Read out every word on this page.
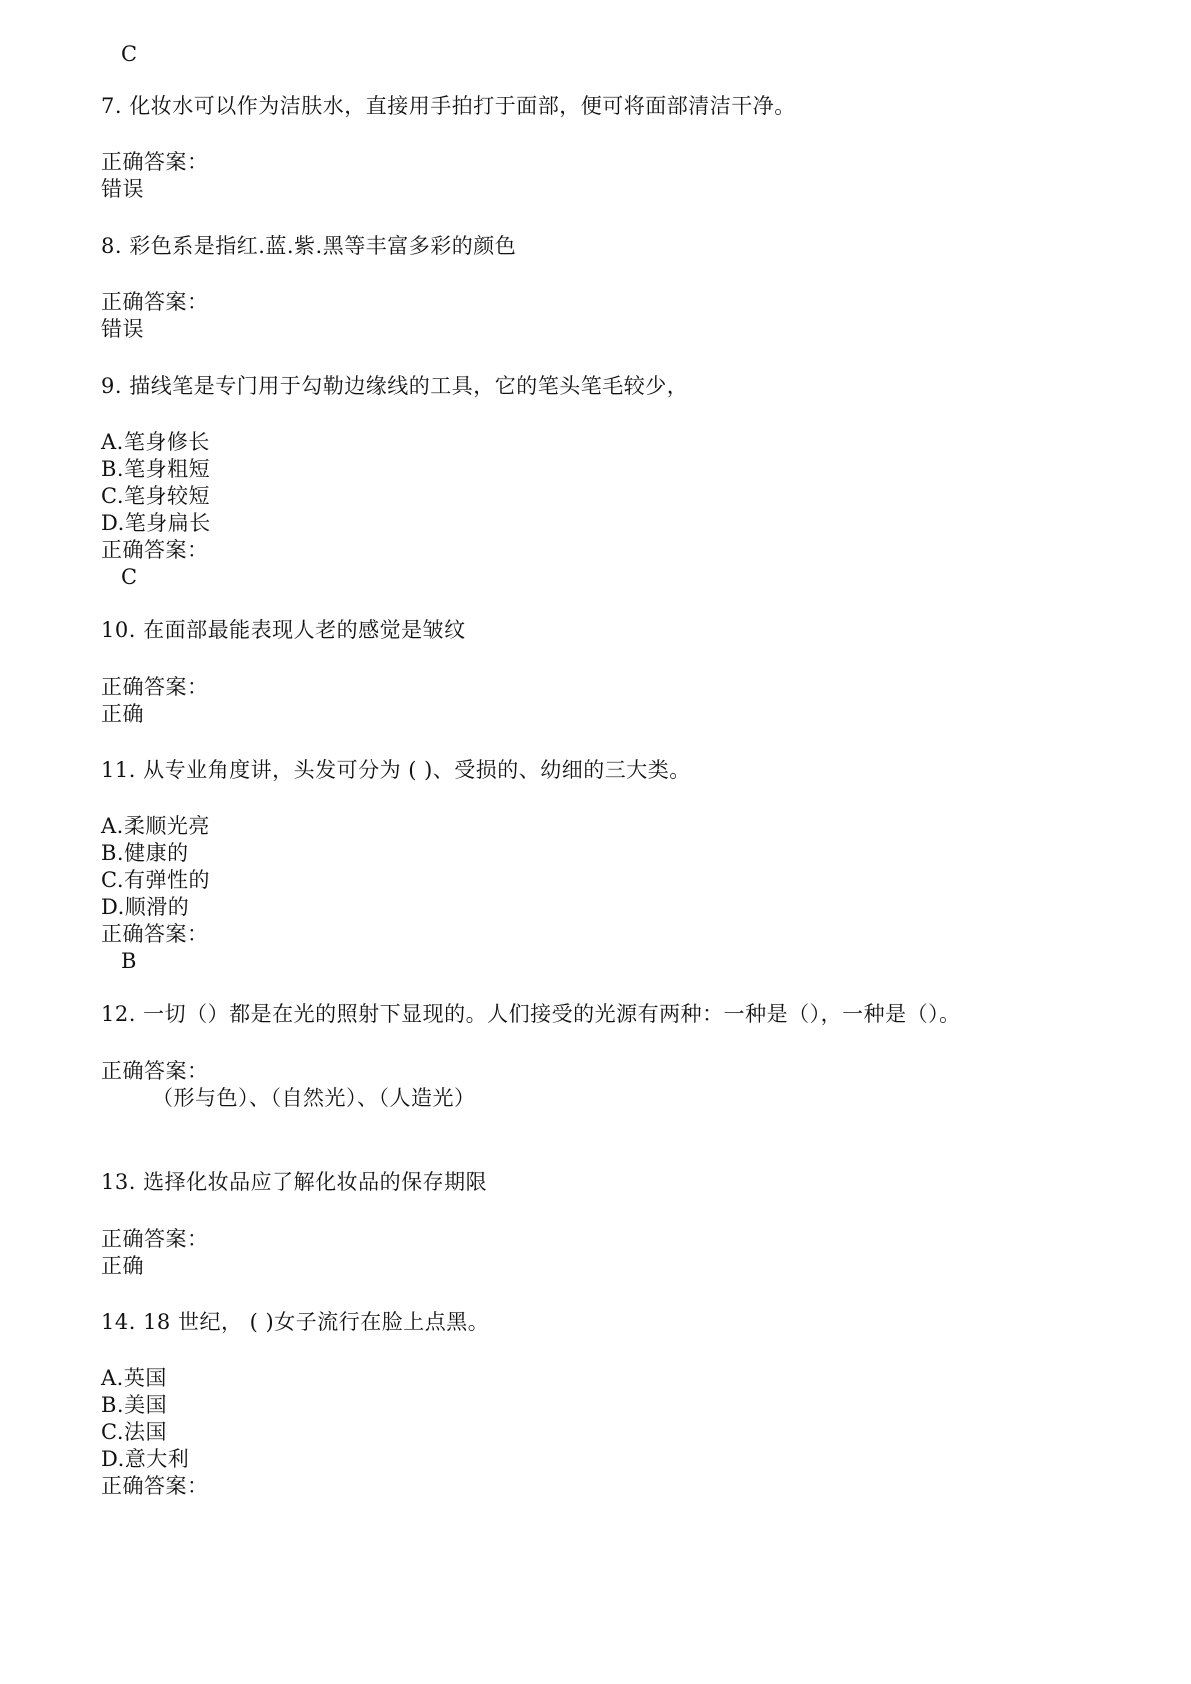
C
7. 化妆水可以作为洁肤水，直接用手拍打于面部，便可将面部清洁干净。
正确答案：
错误
8. 彩色系是指红.蓝.紫.黑等丰富多彩的颜色
正确答案：
错误
9. 描线笔是专门用于勾勒边缘线的工具，它的笔头笔毛较少，
A.笔身修长
B.笔身粗短
C.笔身较短
D.笔身扁长
正确答案：
C
10. 在面部最能表现人老的感觉是皱纹
正确答案：
正确
11. 从专业角度讲，头发可分为 ( )、受损的、幼细的三大类。
A.柔顺光亮
B.健康的
C.有弹性的
D.顺滑的
正确答案：
B
12. 一切（）都是在光的照射下显现的。人们接受的光源有两种：一种是（），一种是（）。
正确答案：
（形与色）、（自然光）、（人造光）
13. 选择化妆品应了解化妆品的保存期限
正确答案：
正确
14. 18 世纪， ( )女子流行在脸上点黑。
A.英国
B.美国
C.法国
D.意大利
正确答案：
